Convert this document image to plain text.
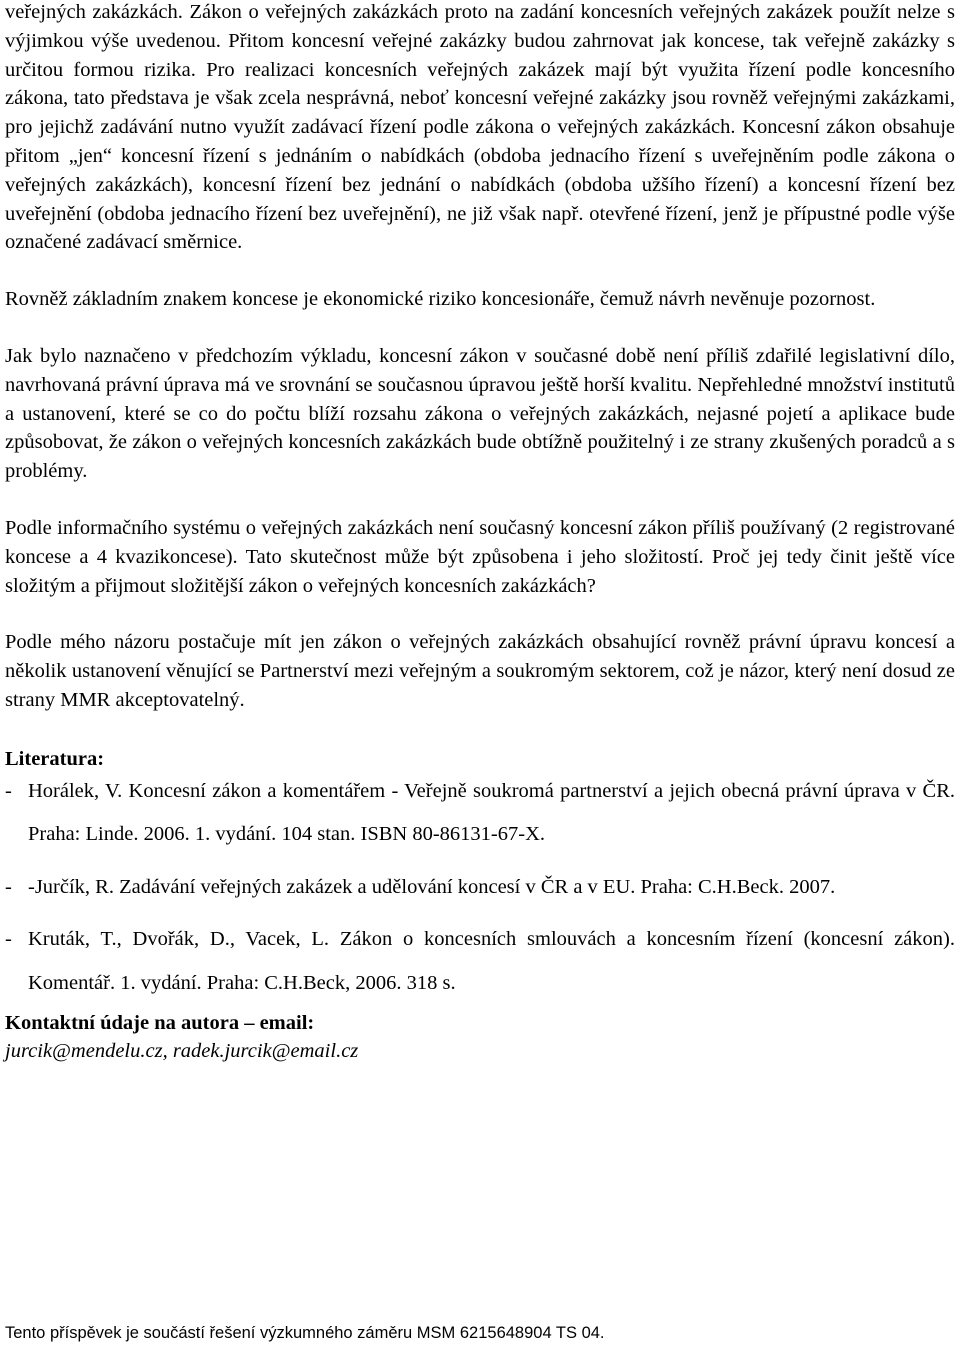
veřejných zakázkách. Zákon o veřejných zakázkách proto na zadání koncesních veřejných zakázek použít nelze s výjimkou výše uvedenou. Přitom koncesní veřejné zakázky budou zahrnovat jak koncese, tak veřejně zakázky s určitou formou rizika. Pro realizaci koncesních veřejných zakázek mají být využita řízení podle koncesního zákona, tato představa je však zcela nesprávná, neboť koncesní veřejné zakázky jsou rovněž veřejnými zakázkami, pro jejichž zadávání nutno využít zadávací řízení podle zákona o veřejných zakázkách. Koncesní zákon obsahuje přitom „jen“ koncesní řízení s jednáním o nabídkách (obdoba jednacího řízení s uveřejněním podle zákona o veřejných zakázkách), koncesní řízení bez jednání o nabídkách (obdoba užšího řízení) a koncesní řízení bez uveřejnění (obdoba jednacího řízení bez uveřejnění), ne již však např. otevřené řízení, jenž je přípustné podle výše označené zadávací směrnice.

Rovněž základním znakem koncese je ekonomické riziko koncesionáře, čemuž návrh nevěnuje pozornost.

Jak bylo naznačeno v předchozím výkladu, koncesní zákon v současné době není příliš zdařilé legislativní dílo, navrhovaná právní úprava má ve srovnání se současnou úpravou ještě horší kvalitu. Nepřehledné množství institutů a ustanovení, které se co do počtu blíží rozsahu zákona o veřejných zakázkách, nejasné pojetí a aplikace bude způsobovat, že zákon o veřejných koncesních zakázkách bude obtížně použitelný i ze strany zkušených poradců a s problémy.

Podle informačního systému o veřejných zakázkách není současný koncesní zákon příliš používaný (2 registrované koncese a 4 kvazikoncese). Tato skutečnost může být způsobena i jeho složitostí. Proč jej tedy činit ještě více složitým a přijmout složitější zákon o veřejných koncesních zakázkách?

Podle mého názoru postačuje mít jen zákon o veřejných zakázkách obsahující rovněž právní úpravu koncesí a několik ustanovení věnující se Partnerství mezi veřejným a soukromým sektorem, což je názor, který není dosud ze strany MMR akceptovatelný.

Literatura:
- Horálek, V. Koncesní zákon a komentářem - Veřejně soukromá partnerství a jejich obecná právní úprava v ČR. Praha: Linde. 2006. 1. vydání. 104 stan. ISBN 80-86131-67-X.
- -Jurčík, R. Zadávání veřejných zakázek a udělování koncesí v ČR a v EU. Praha: C.H.Beck. 2007.
- Kruták, T., Dvořák, D., Vacek, L. Zákon o koncesních smlouvách a koncesním řízení (koncesní zákon). Komentář. 1. vydání. Praha: C.H.Beck, 2006. 318 s.
Kontaktní údaje na autora – email:

jurcik@mendelu.cz, radek.jurcik@email.cz

Tento příspěvek je součástí řešení výzkumného záměru MSM 6215648904 TS 04.
